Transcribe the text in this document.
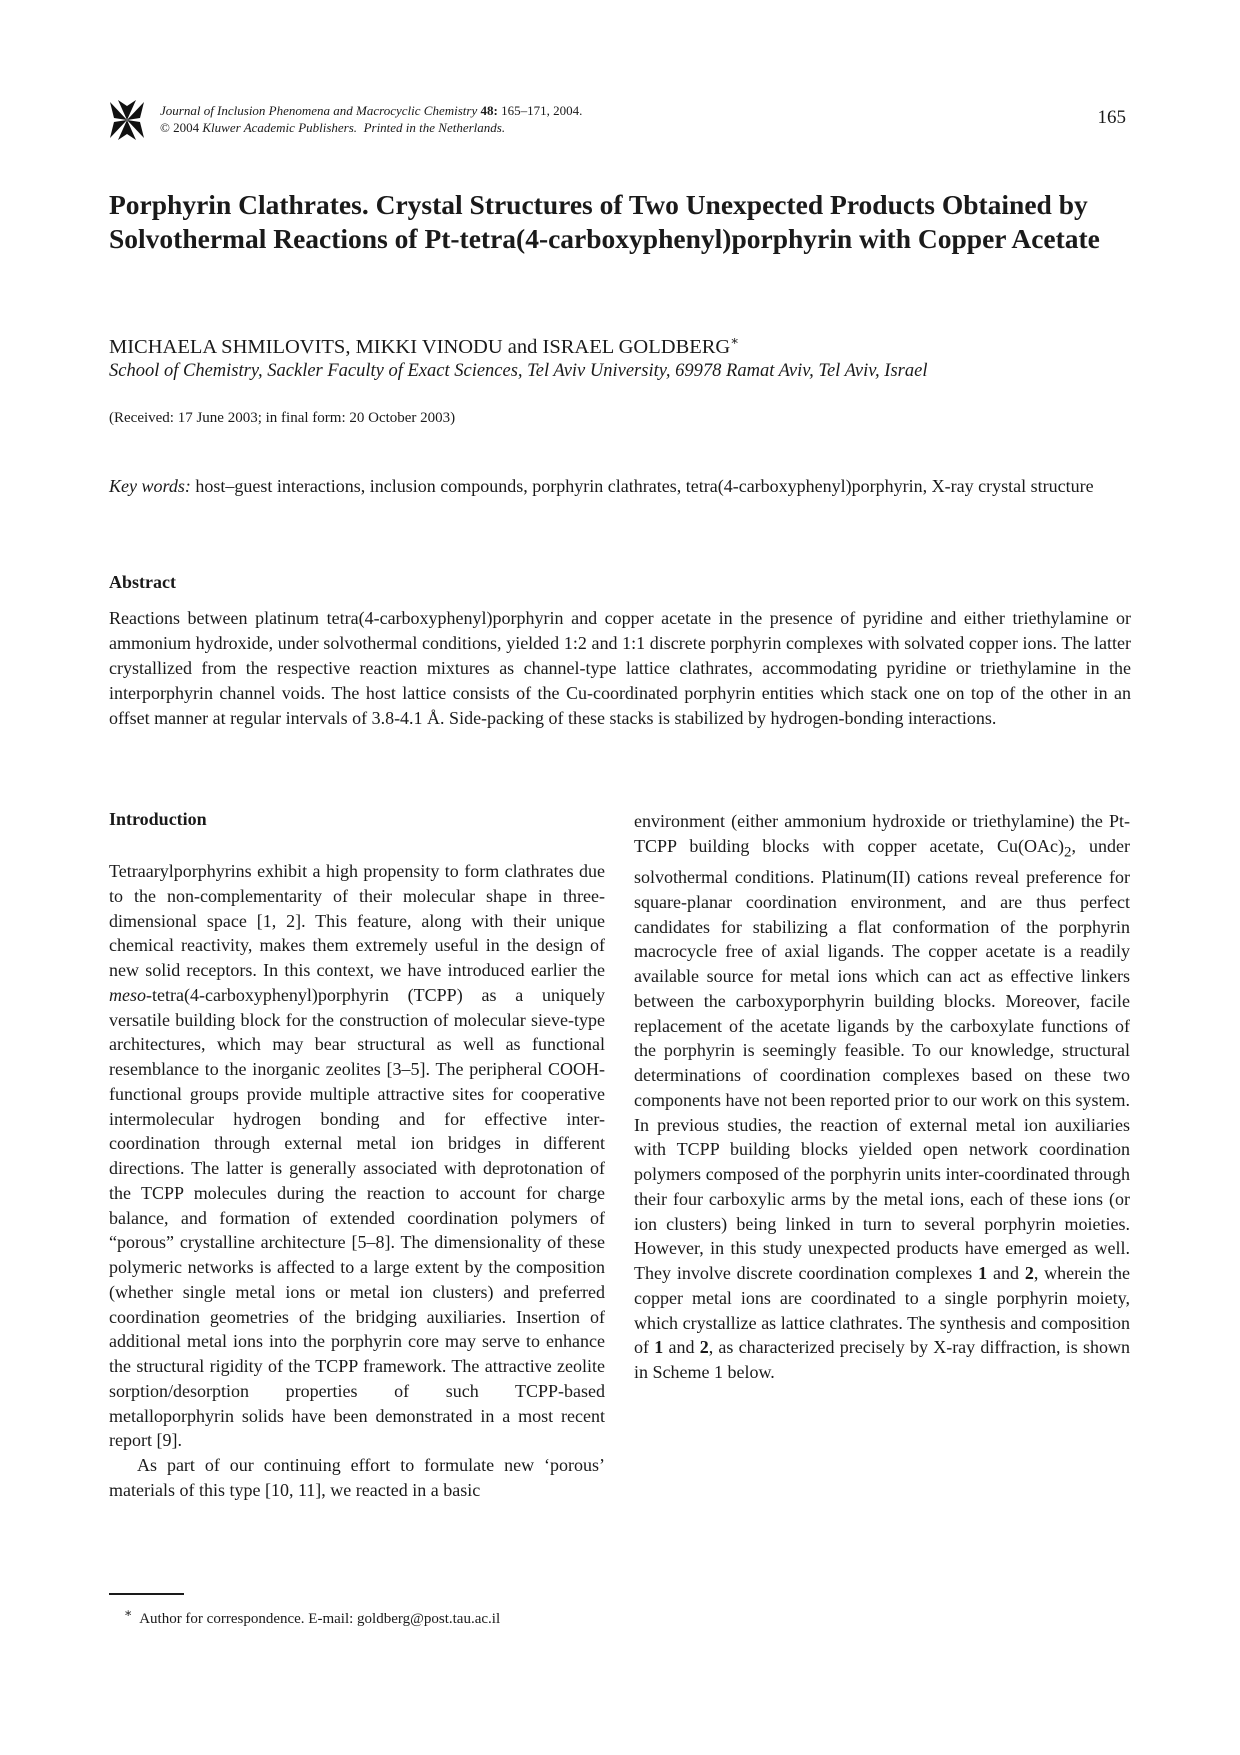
Journal of Inclusion Phenomena and Macrocyclic Chemistry 48: 165–171, 2004.
© 2004 Kluwer Academic Publishers. Printed in the Netherlands.	165
Porphyrin Clathrates. Crystal Structures of Two Unexpected Products Obtained by Solvothermal Reactions of Pt-tetra(4-carboxyphenyl)porphyrin with Copper Acetate
MICHAELA SHMILOVITS, MIKKI VINODU and ISRAEL GOLDBERG∗
School of Chemistry, Sackler Faculty of Exact Sciences, Tel Aviv University, 69978 Ramat Aviv, Tel Aviv, Israel
(Received: 17 June 2003; in final form: 20 October 2003)

Key words: host–guest interactions, inclusion compounds, porphyrin clathrates, tetra(4-carboxyphenyl)porphyrin, X-ray crystal structure

Abstract

Reactions between platinum tetra(4-carboxyphenyl)porphyrin and copper acetate in the presence of pyridine and either triethylamine or ammonium hydroxide, under solvothermal conditions, yielded 1:2 and 1:1 discrete porphyrin complexes with solvated copper ions. The latter crystallized from the respective reaction mixtures as channel-type lattice clathrates, accommodating pyridine or triethylamine in the interporphyrin channel voids. The host lattice consists of the Cu-coordinated porphyrin entities which stack one on top of the other in an offset manner at regular intervals of 3.8-4.1 Å. Side-packing of these stacks is stabilized by hydrogen-bonding interactions.

Introduction

Tetraarylporphyrins exhibit a high propensity to form clathrates due to the non-complementarity of their molecular shape in three-dimensional space [1, 2]. This feature, along with their unique chemical reactivity, makes them extremely useful in the design of new solid receptors. In this context, we have introduced earlier the meso-tetra(4-carboxyphenyl)porphyrin (TCPP) as a uniquely versatile building block for the construction of molecular sieve-type architectures, which may bear structural as well as functional resemblance to the inorganic zeolites [3–5]. The peripheral COOH-functional groups provide multiple attractive sites for cooperative intermolecular hydrogen bonding and for effective inter-coordination through external metal ion bridges in different directions. The latter is generally associated with deprotonation of the TCPP molecules during the reaction to account for charge balance, and formation of extended coordination polymers of “porous” crystalline architecture [5–8]. The dimensionality of these polymeric networks is affected to a large extent by the composition (whether single metal ions or metal ion clusters) and preferred coordination geometries of the bridging auxiliaries. Insertion of additional metal ions into the porphyrin core may serve to enhance the structural rigidity of the TCPP framework. The attractive zeolite sorption/desorption properties of such TCPP-based metalloporphyrin solids have been demonstrated in a most recent report [9].

As part of our continuing effort to formulate new ‘porous’ materials of this type [10, 11], we reacted in a basic

environment (either ammonium hydroxide or triethylamine) the Pt-TCPP building blocks with copper acetate, $Cu(OAc)_2$, under solvothermal conditions. Platinum(II) cations reveal preference for square-planar coordination environment, and are thus perfect candidates for stabilizing a flat conformation of the porphyrin macrocycle free of axial ligands. The copper acetate is a readily available source for metal ions which can act as effective linkers between the carboxyporphyrin building blocks. Moreover, facile replacement of the acetate ligands by the carboxylate functions of the porphyrin is seemingly feasible. To our knowledge, structural determinations of coordination complexes based on these two components have not been reported prior to our work on this system. In previous studies, the reaction of external metal ion auxiliaries with TCPP building blocks yielded open network coordination polymers composed of the porphyrin units inter-coordinated through their four carboxylic arms by the metal ions, each of these ions (or ion clusters) being linked in turn to several porphyrin moieties. However, in this study unexpected products have emerged as well. They involve discrete coordination complexes 1 and 2, wherein the copper metal ions are coordinated to a single porphyrin moiety, which crystallize as lattice clathrates. The synthesis and composition of 1 and 2, as characterized precisely by X-ray diffraction, is shown in Scheme 1 below.

∗ Author for correspondence. E-mail: goldberg@post.tau.ac.il
